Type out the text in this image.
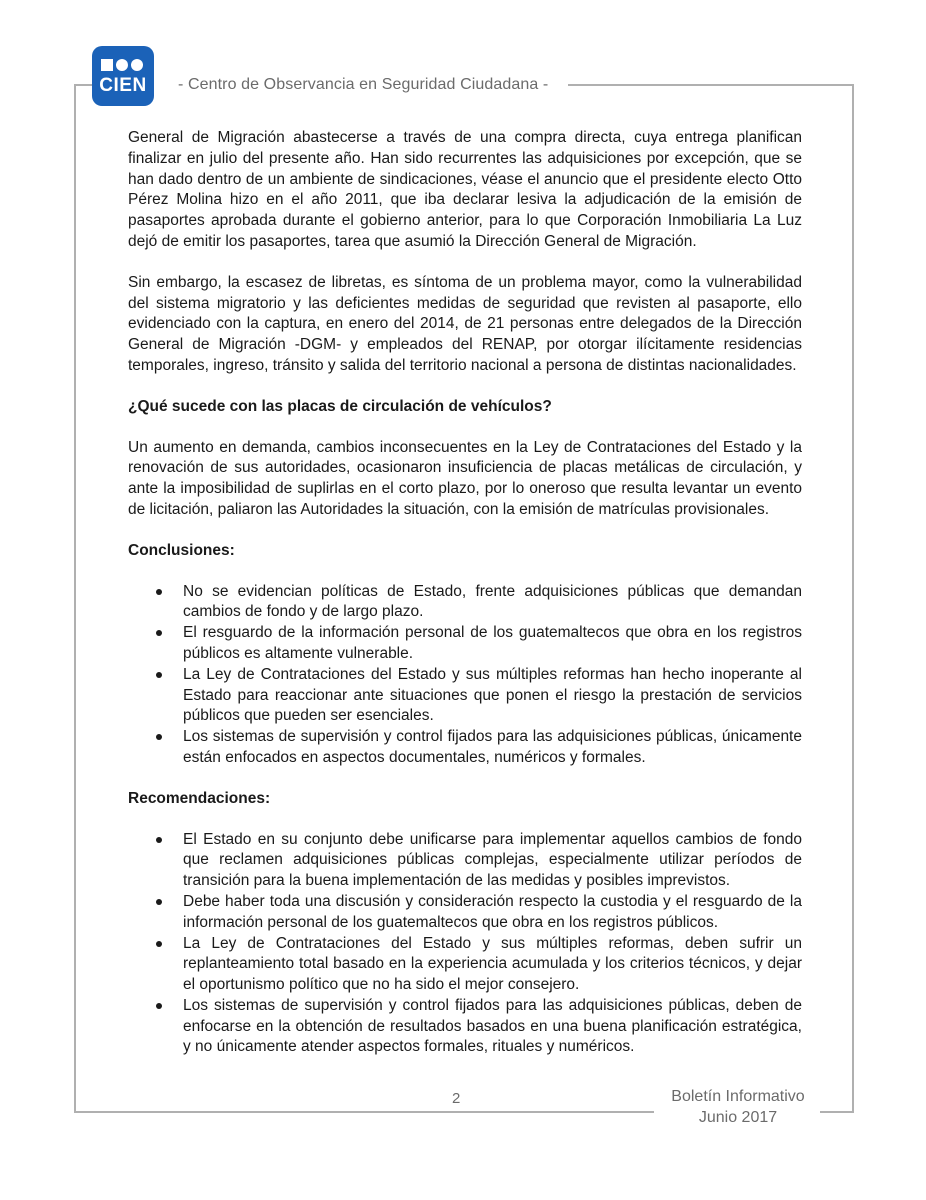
CIEN	- Centro de Observancia en Seguridad Ciudadana -

General de Migración abastecerse a través de una compra directa, cuya entrega planifican finalizar en julio del presente año. Han sido recurrentes las adquisiciones por excepción, que se han dado dentro de un ambiente de sindicaciones, véase el anuncio que el presidente electo Otto Pérez Molina hizo en el año 2011, que iba declarar lesiva la adjudicación de la emisión de pasaportes aprobada durante el gobierno anterior, para lo que Corporación Inmobiliaria La Luz dejó de emitir los pasaportes, tarea que asumió la Dirección General de Migración.

Sin embargo, la escasez de libretas, es síntoma de un problema mayor, como la vulnerabilidad del sistema migratorio y las deficientes medidas de seguridad que revisten al pasaporte, ello evidenciado con la captura, en enero del 2014, de 21 personas entre delegados de la Dirección General de Migración -DGM- y empleados del RENAP, por otorgar ilícitamente residencias temporales, ingreso, tránsito y salida del territorio nacional a persona de distintas nacionalidades.

¿Qué sucede con las placas de circulación de vehículos?

Un aumento en demanda, cambios inconsecuentes en la Ley de Contrataciones del Estado y la renovación de sus autoridades, ocasionaron insuficiencia de placas metálicas de circulación, y ante la imposibilidad de suplirlas en el corto plazo, por lo oneroso que resulta levantar un evento de licitación, paliaron las Autoridades la situación, con la emisión de matrículas provisionales.

Conclusiones:

No se evidencian políticas de Estado, frente adquisiciones públicas que demandan cambios de fondo y de largo plazo.
El resguardo de la información personal de los guatemaltecos que obra en los registros públicos es altamente vulnerable.
La Ley de Contrataciones del Estado y sus múltiples reformas han hecho inoperante al Estado para reaccionar ante situaciones que ponen el riesgo la prestación de servicios públicos que pueden ser esenciales.
Los sistemas de supervisión y control fijados para las adquisiciones públicas, únicamente están enfocados en aspectos documentales, numéricos y formales.

Recomendaciones:

El Estado en su conjunto debe unificarse para implementar aquellos cambios de fondo que reclamen adquisiciones públicas complejas, especialmente utilizar períodos de transición para la buena implementación de las medidas y posibles imprevistos.
Debe haber toda una discusión y consideración respecto la custodia y el resguardo de la información personal de los guatemaltecos que obra en los registros públicos.
La Ley de Contrataciones del Estado y sus múltiples reformas, deben sufrir un replanteamiento total basado en la experiencia acumulada y los criterios técnicos, y dejar el oportunismo político que no ha sido el mejor consejero.
Los sistemas de supervisión y control fijados para las adquisiciones públicas, deben de enfocarse en la obtención de resultados basados en una buena planificación estratégica, y no únicamente atender aspectos formales, rituales y numéricos.
2	Boletín Informativo
Junio 2017
